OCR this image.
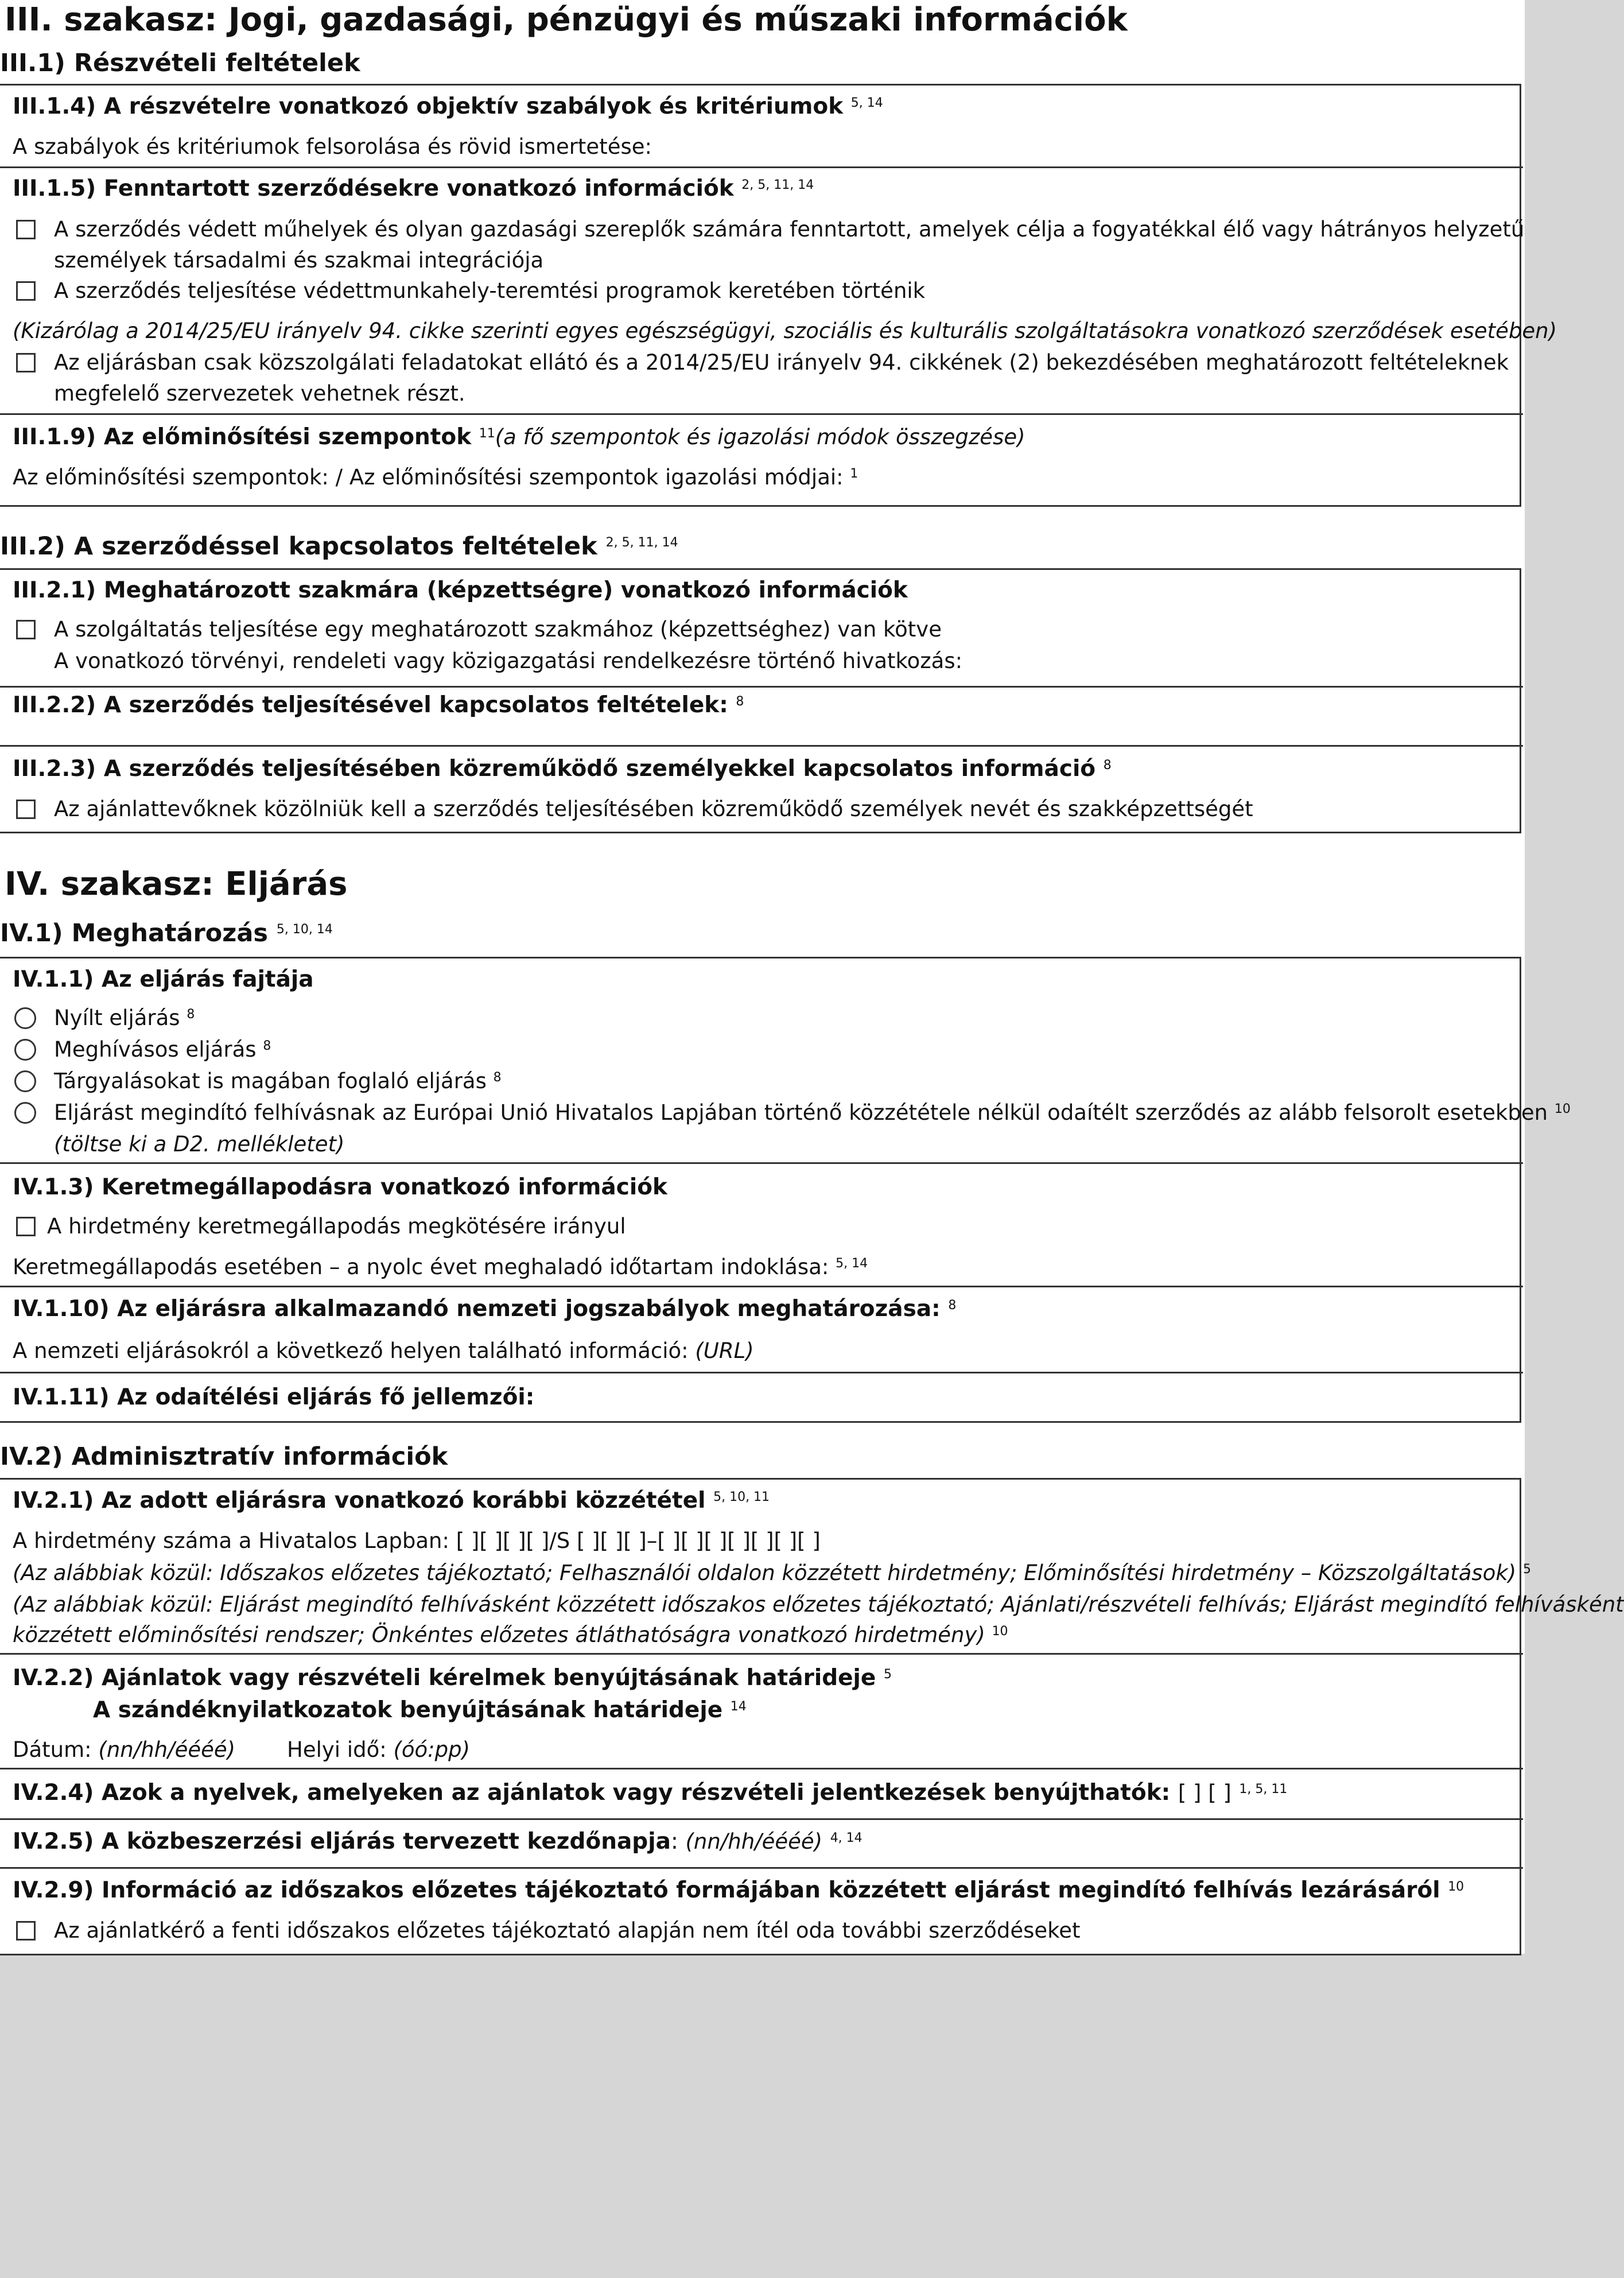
III. szakasz: Jogi, gazdasági, pénzügyi és műszaki információk
III.1) Részvételi feltételek
III.1.4) A részvételre vonatkozó objektív szabályok és kritériumok $^{5, 14}$
A szabályok és kritériumok felsorolása és rövid ismertetése:
III.1.5) Fenntartott szerződésekre vonatkozó információk $^{2, 5, 11, 14}$
A szerződés védett műhelyek és olyan gazdasági szereplők számára fenntartott, amelyek célja a fogyatékkal élő vagy hátrányos helyzetű
személyek társadalmi és szakmai integrációja
A szerződés teljesítése védettmunkahely-teremtési programok keretében történik
(Kizárólag a 2014/25/EU irányelv 94. cikke szerinti egyes egészségügyi, szociális és kulturális szolgáltatásokra vonatkozó szerződések esetében)
Az eljárásban csak közszolgálati feladatokat ellátó és a 2014/25/EU irányelv 94. cikkének (2) bekezdésében meghatározott feltételeknek
megfelelő szervezetek vehetnek részt.
III.1.9) Az előminősítési szempontok $^{11}$(a fő szempontok és igazolási módok összegzése)
Az előminősítési szempontok: / Az előminősítési szempontok igazolási módjai: $^1$
III.2) A szerződéssel kapcsolatos feltételek $^{2, 5, 11, 14}$
III.2.1) Meghatározott szakmára (képzettségre) vonatkozó információk
A szolgáltatás teljesítése egy meghatározott szakmához (képzettséghez) van kötve
A vonatkozó törvényi, rendeleti vagy közigazgatási rendelkezésre történő hivatkozás:
III.2.2) A szerződés teljesítésével kapcsolatos feltételek: $^8$
III.2.3) A szerződés teljesítésében közreműködő személyekkel kapcsolatos információ $^8$
Az ajánlattevőknek közölniük kell a szerződés teljesítésében közreműködő személyek nevét és szakképzettségét
IV. szakasz: Eljárás
IV.1) Meghatározás $^{5, 10, 14}$
IV.1.1) Az eljárás fajtája
Nyílt eljárás $^8$
Meghívásos eljárás $^8$
Tárgyalásokat is magában foglaló eljárás $^8$
Eljárást megindító felhívásnak az Európai Unió Hivatalos Lapjában történő közzététele nélkül odaítélt szerződés az alább felsorolt esetekben $^{10}$
(töltse ki a D2. mellékletet)
IV.1.3) Keretmegállapodásra vonatkozó információk
A hirdetmény keretmegállapodás megkötésére irányul
Keretmegállapodás esetében – a nyolc évet meghaladó időtartam indoklása: $^{5, 14}$
IV.1.10) Az eljárásra alkalmazandó nemzeti jogszabályok meghatározása: $^8$
A nemzeti eljárásokról a következő helyen található információ: (URL)
IV.1.11) Az odaítélési eljárás fő jellemzői:
IV.2) Adminisztratív információk
IV.2.1) Az adott eljárásra vonatkozó korábbi közzététel $^{5, 10, 11}$
A hirdetmény száma a Hivatalos Lapban: [ ][ ][ ][ ]/S [ ][ ][ ]–[ ][ ][ ][ ][ ][ ][ ]
(Az alábbiak közül: Időszakos előzetes tájékoztató; Felhasználói oldalon közzétett hirdetmény; Előminősítési hirdetmény – Közszolgáltatások) $^5$
(Az alábbiak közül: Eljárást megindító felhívásként közzétett időszakos előzetes tájékoztató; Ajánlati/részvételi felhívás; Eljárást megindító felhívásként
közzétett előminősítési rendszer; Önkéntes előzetes átláthatóságra vonatkozó hirdetmény) $^{10}$
IV.2.2) Ajánlatok vagy részvételi kérelmek benyújtásának határideje $^5$
A szándéknyilatkozatok benyújtásának határideje $^{14}$
Dátum: (nn/hh/éééé) Helyi idő: (óó:pp)
IV.2.4) Azok a nyelvek, amelyeken az ajánlatok vagy részvételi jelentkezések benyújthatók: [ ] [ ] $^{1, 5, 11}$
IV.2.5) A közbeszerzési eljárás tervezett kezdőnapja: (nn/hh/éééé) $^{4, 14}$
IV.2.9) Információ az időszakos előzetes tájékoztató formájában közzétett eljárást megindító felhívás lezárásáról $^{10}$
Az ajánlatkérő a fenti időszakos előzetes tájékoztató alapján nem ítél oda további szerződéseket
